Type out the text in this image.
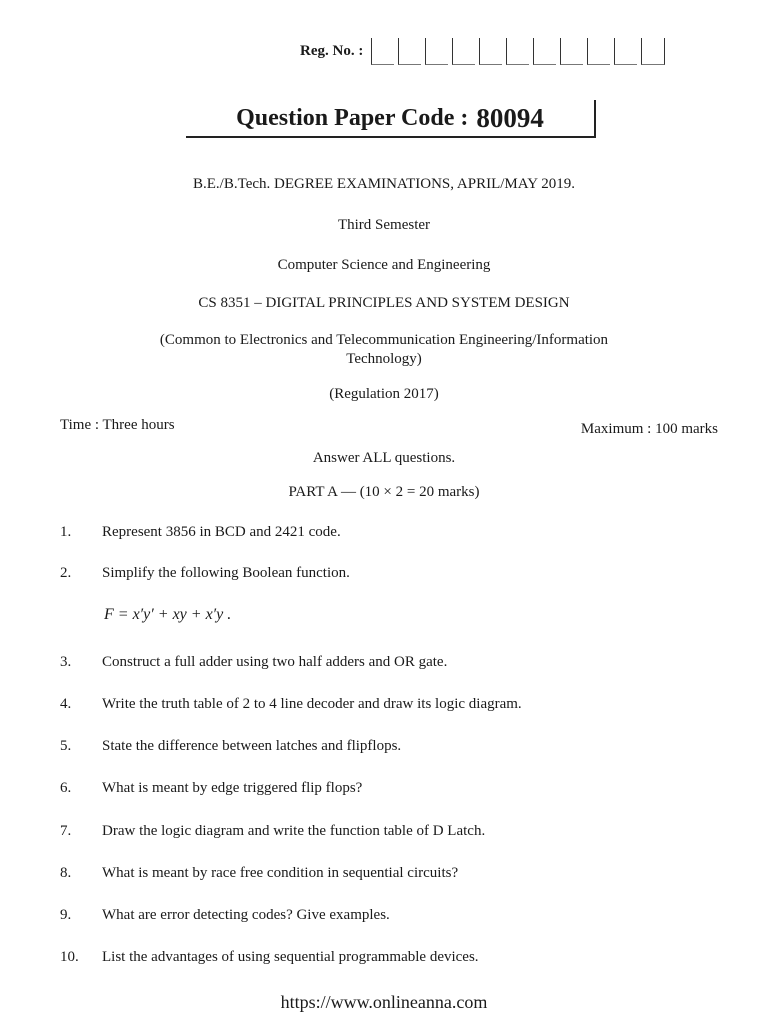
Reg. No. :
Question Paper Code : 80094
B.E./B.Tech. DEGREE EXAMINATIONS, APRIL/MAY 2019.
Third Semester
Computer Science and Engineering
CS 8351 – DIGITAL PRINCIPLES AND SYSTEM DESIGN
(Common to Electronics and Telecommunication Engineering/Information
Technology)
(Regulation 2017)
Time : Three hours	Maximum : 100 marks
Answer ALL questions.
PART A — (10 × 2 = 20 marks)
1.	Represent 3856 in BCD and 2421 code.
2.	Simplify the following Boolean function.
3.	Construct a full adder using two half adders and OR gate.
4.	Write the truth table of 2 to 4 line decoder and draw its logic diagram.
5.	State the difference between latches and flipflops.
6.	What is meant by edge triggered flip flops?
7.	Draw the logic diagram and write the function table of D Latch.
8.	What is meant by race free condition in sequential circuits?
9.	What are error detecting codes? Give examples.
10.	List the advantages of using sequential programmable devices.
F = x′y′ + xy + x′y .
https://www.onlineanna.com
